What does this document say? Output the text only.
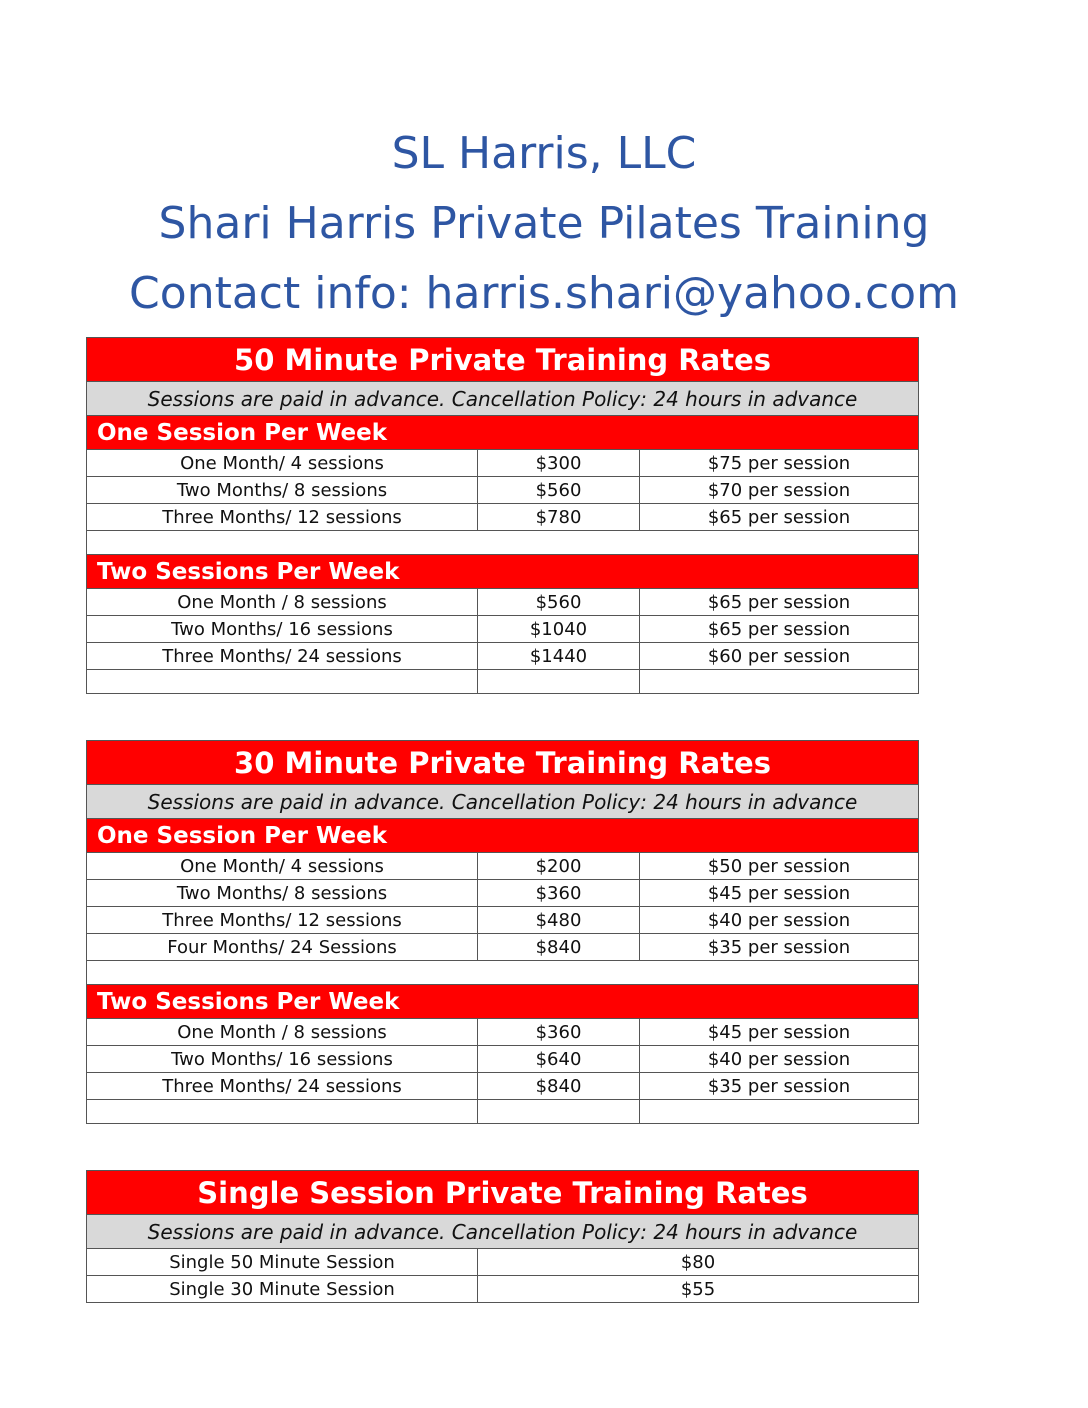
SL Harris, LLC
Shari Harris Private Pilates Training
Contact info: harris.shari@yahoo.com
50 Minute Private Training Rates		
Sessions are paid in advance. Cancellation Policy: 24 hours in advance		
One Session Per Week		
One Month/ 4 sessions	$300	$75 per session
Two Months/ 8 sessions	$560	$70 per session
Three Months/ 12 sessions	$780	$65 per session

Two Sessions Per Week		
One Month / 8 sessions	$560	$65 per session
Two Months/ 16 sessions	$1040	$65 per session
Three Months/ 24 sessions	$1440	$60 per session

30 Minute Private Training Rates		
Sessions are paid in advance. Cancellation Policy: 24 hours in advance		
One Session Per Week		
One Month/ 4 sessions	$200	$50 per session
Two Months/ 8 sessions	$360	$45 per session
Three Months/ 12 sessions	$480	$40 per session
Four Months/ 24 Sessions	$840	$35 per session

Two Sessions Per Week		
One Month / 8 sessions	$360	$45 per session
Two Months/ 16 sessions	$640	$40 per session
Three Months/ 24 sessions	$840	$35 per session

Single Session Private Training Rates	
Sessions are paid in advance. Cancellation Policy: 24 hours in advance	
Single 50 Minute Session	$80
Single 30 Minute Session	$55
